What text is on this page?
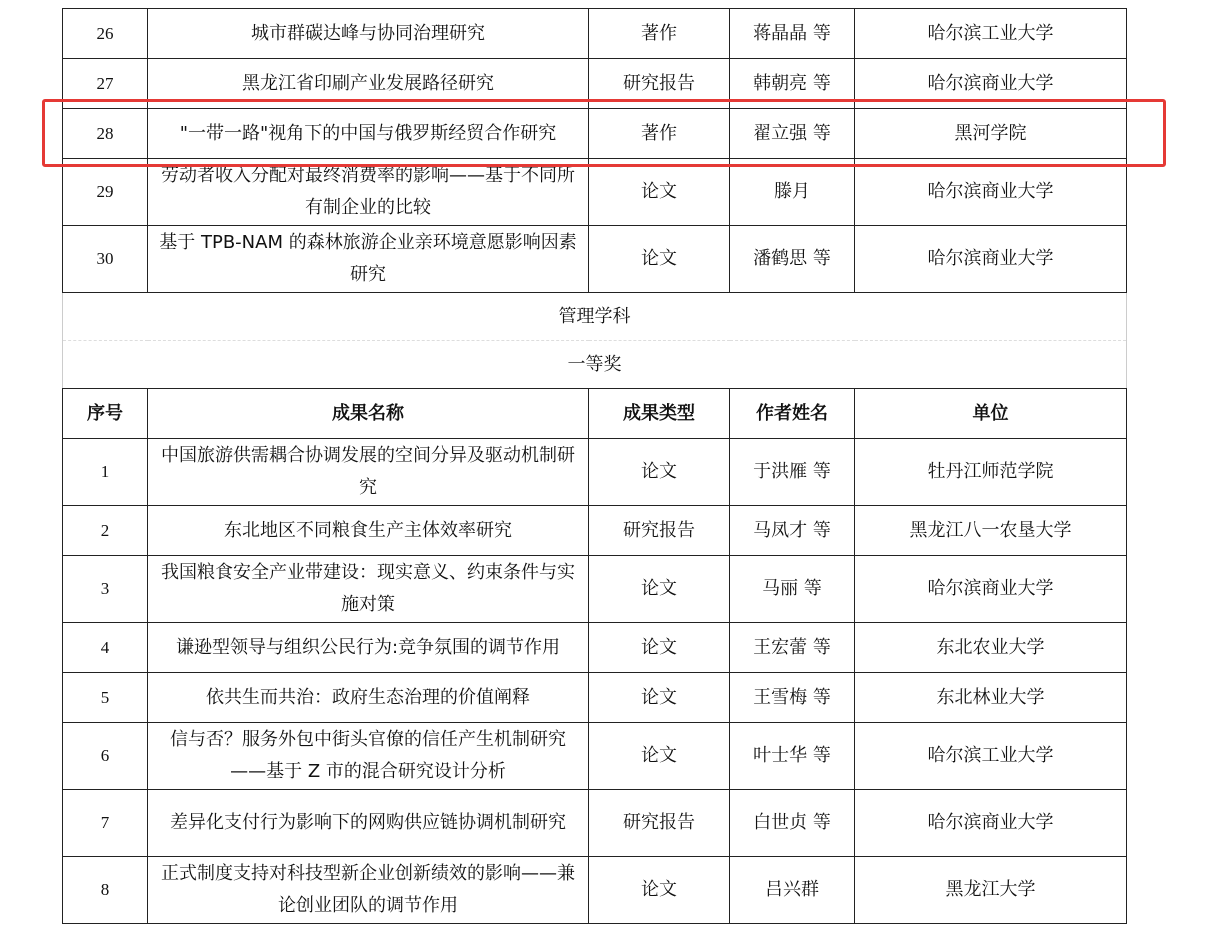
26	城市群碳达峰与协同治理研究	著作	蒋晶晶 等	哈尔滨工业大学
27	黑龙江省印刷产业发展路径研究	研究报告	韩朝亮 等	哈尔滨商业大学
28	"一带一路"视角下的中国与俄罗斯经贸合作研究	著作	翟立强 等	黑河学院
29	劳动者收入分配对最终消费率的影响——基于不同所有制企业的比较	论文	滕月	哈尔滨商业大学
30	基于 TPB-NAM 的森林旅游企业亲环境意愿影响因素研究	论文	潘鹤思 等	哈尔滨商业大学
管理学科				
一等奖				
序号	成果名称	成果类型	作者姓名	单位
1	中国旅游供需耦合协调发展的空间分异及驱动机制研究	论文	于洪雁 等	牡丹江师范学院
2	东北地区不同粮食生产主体效率研究	研究报告	马凤才 等	黑龙江八一农垦大学
3	我国粮食安全产业带建设：现实意义、约束条件与实施对策	论文	马丽 等	哈尔滨商业大学
4	谦逊型领导与组织公民行为:竞争氛围的调节作用	论文	王宏蕾 等	东北农业大学
5	依共生而共治：政府生态治理的价值阐释	论文	王雪梅 等	东北林业大学
6	信与否？服务外包中街头官僚的信任产生机制研究——基于 Z 市的混合研究设计分析	论文	叶士华 等	哈尔滨工业大学
7	差异化支付行为影响下的网购供应链协调机制研究	研究报告	白世贞 等	哈尔滨商业大学
8	正式制度支持对科技型新企业创新绩效的影响——兼论创业团队的调节作用	论文	吕兴群	黑龙江大学
